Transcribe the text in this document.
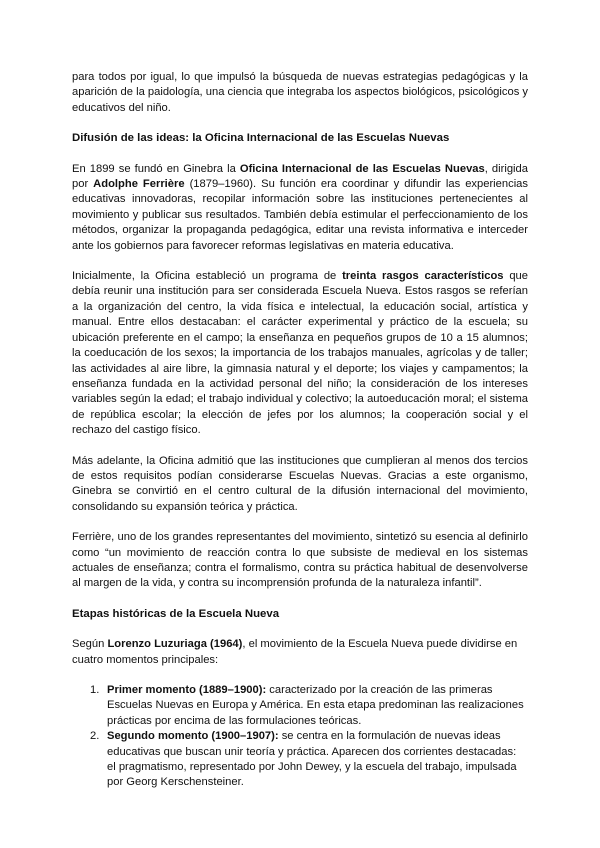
para todos por igual, lo que impulsó la búsqueda de nuevas estrategias pedagógicas y la aparición de la paidología, una ciencia que integraba los aspectos biológicos, psicológicos y educativos del niño.

Difusión de las ideas: la Oficina Internacional de las Escuelas Nuevas

En 1899 se fundó en Ginebra la Oficina Internacional de las Escuelas Nuevas, dirigida por Adolphe Ferrière (1879–1960). Su función era coordinar y difundir las experiencias educativas innovadoras, recopilar información sobre las instituciones pertenecientes al movimiento y publicar sus resultados. También debía estimular el perfeccionamiento de los métodos, organizar la propaganda pedagógica, editar una revista informativa e interceder ante los gobiernos para favorecer reformas legislativas en materia educativa.

Inicialmente, la Oficina estableció un programa de treinta rasgos característicos que debía reunir una institución para ser considerada Escuela Nueva. Estos rasgos se referían a la organización del centro, la vida física e intelectual, la educación social, artística y manual. Entre ellos destacaban: el carácter experimental y práctico de la escuela; su ubicación preferente en el campo; la enseñanza en pequeños grupos de 10 a 15 alumnos; la coeducación de los sexos; la importancia de los trabajos manuales, agrícolas y de taller; las actividades al aire libre, la gimnasia natural y el deporte; los viajes y campamentos; la enseñanza fundada en la actividad personal del niño; la consideración de los intereses variables según la edad; el trabajo individual y colectivo; la autoeducación moral; el sistema de república escolar; la elección de jefes por los alumnos; la cooperación social y el rechazo del castigo físico.

Más adelante, la Oficina admitió que las instituciones que cumplieran al menos dos tercios de estos requisitos podían considerarse Escuelas Nuevas. Gracias a este organismo, Ginebra se convirtió en el centro cultural de la difusión internacional del movimiento, consolidando su expansión teórica y práctica.

Ferrière, uno de los grandes representantes del movimiento, sintetizó su esencia al definirlo como “un movimiento de reacción contra lo que subsiste de medieval en los sistemas actuales de enseñanza; contra el formalismo, contra su práctica habitual de desenvolverse al margen de la vida, y contra su incomprensión profunda de la naturaleza infantil”.

Etapas históricas de la Escuela Nueva

Según Lorenzo Luzuriaga (1964), el movimiento de la Escuela Nueva puede dividirse en cuatro momentos principales:

1. Primer momento (1889–1900): caracterizado por la creación de las primeras Escuelas Nuevas en Europa y América. En esta etapa predominan las realizaciones prácticas por encima de las formulaciones teóricas.
2. Segundo momento (1900–1907): se centra en la formulación de nuevas ideas educativas que buscan unir teoría y práctica. Aparecen dos corrientes destacadas: el pragmatismo, representado por John Dewey, y la escuela del trabajo, impulsada por Georg Kerschensteiner.
